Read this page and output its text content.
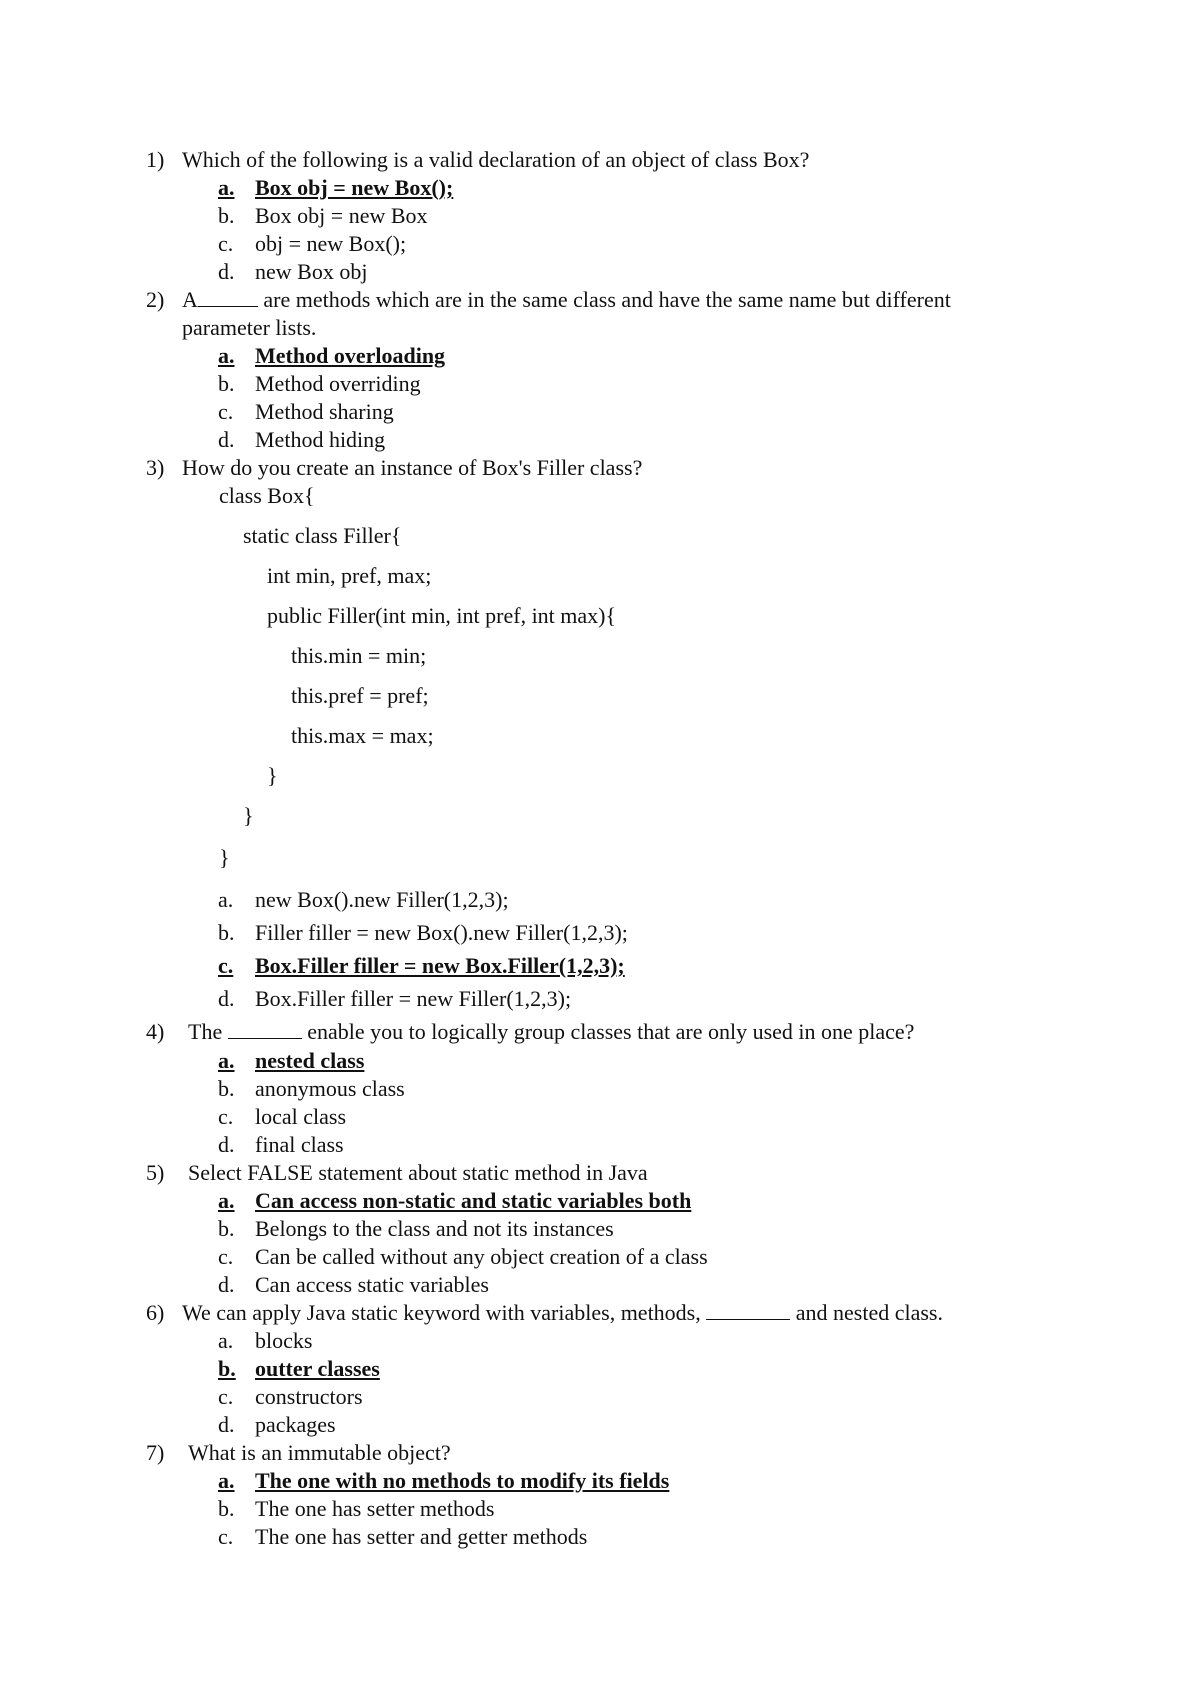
1) Which of the following is a valid declaration of an object of class Box?
a. Box obj = new Box();
b. Box obj = new Box
c. obj = new Box();
d. new Box obj
2) A	are methods which are in the same class and have the same name but different
parameter lists.
a. Method overloading
b. Method overriding
c. Method sharing
d. Method hiding
3) How do you create an instance of Box's Filler class?
class Box{
static class Filler{
int min, pref, max;
public Filler(int min, int pref, int max){
this.min = min;
this.pref = pref;
this.max = max;
}
}
}
a. new Box().new Filler(1,2,3);
b. Filler filler = new Box().new Filler(1,2,3);
c. Box.Filler filler = new Box.Filler(1,2,3);
d. Box.Filler filler = new Filler(1,2,3);
4) The	enable you to logically group classes that are only used in one place?
a. nested class
b. anonymous class
c. local class
d. final class
5) Select FALSE statement about static method in Java
a. Can access non-static and static variables both
b. Belongs to the class and not its instances
c. Can be called without any object creation of a class
d. Can access static variables
6) We can apply Java static keyword with variables, methods,	and nested class.
a. blocks
b. outter classes
c. constructors
d. packages
7) What is an immutable object?
a. The one with no methods to modify its fields
b. The one has setter methods
c. The one has setter and getter methods
